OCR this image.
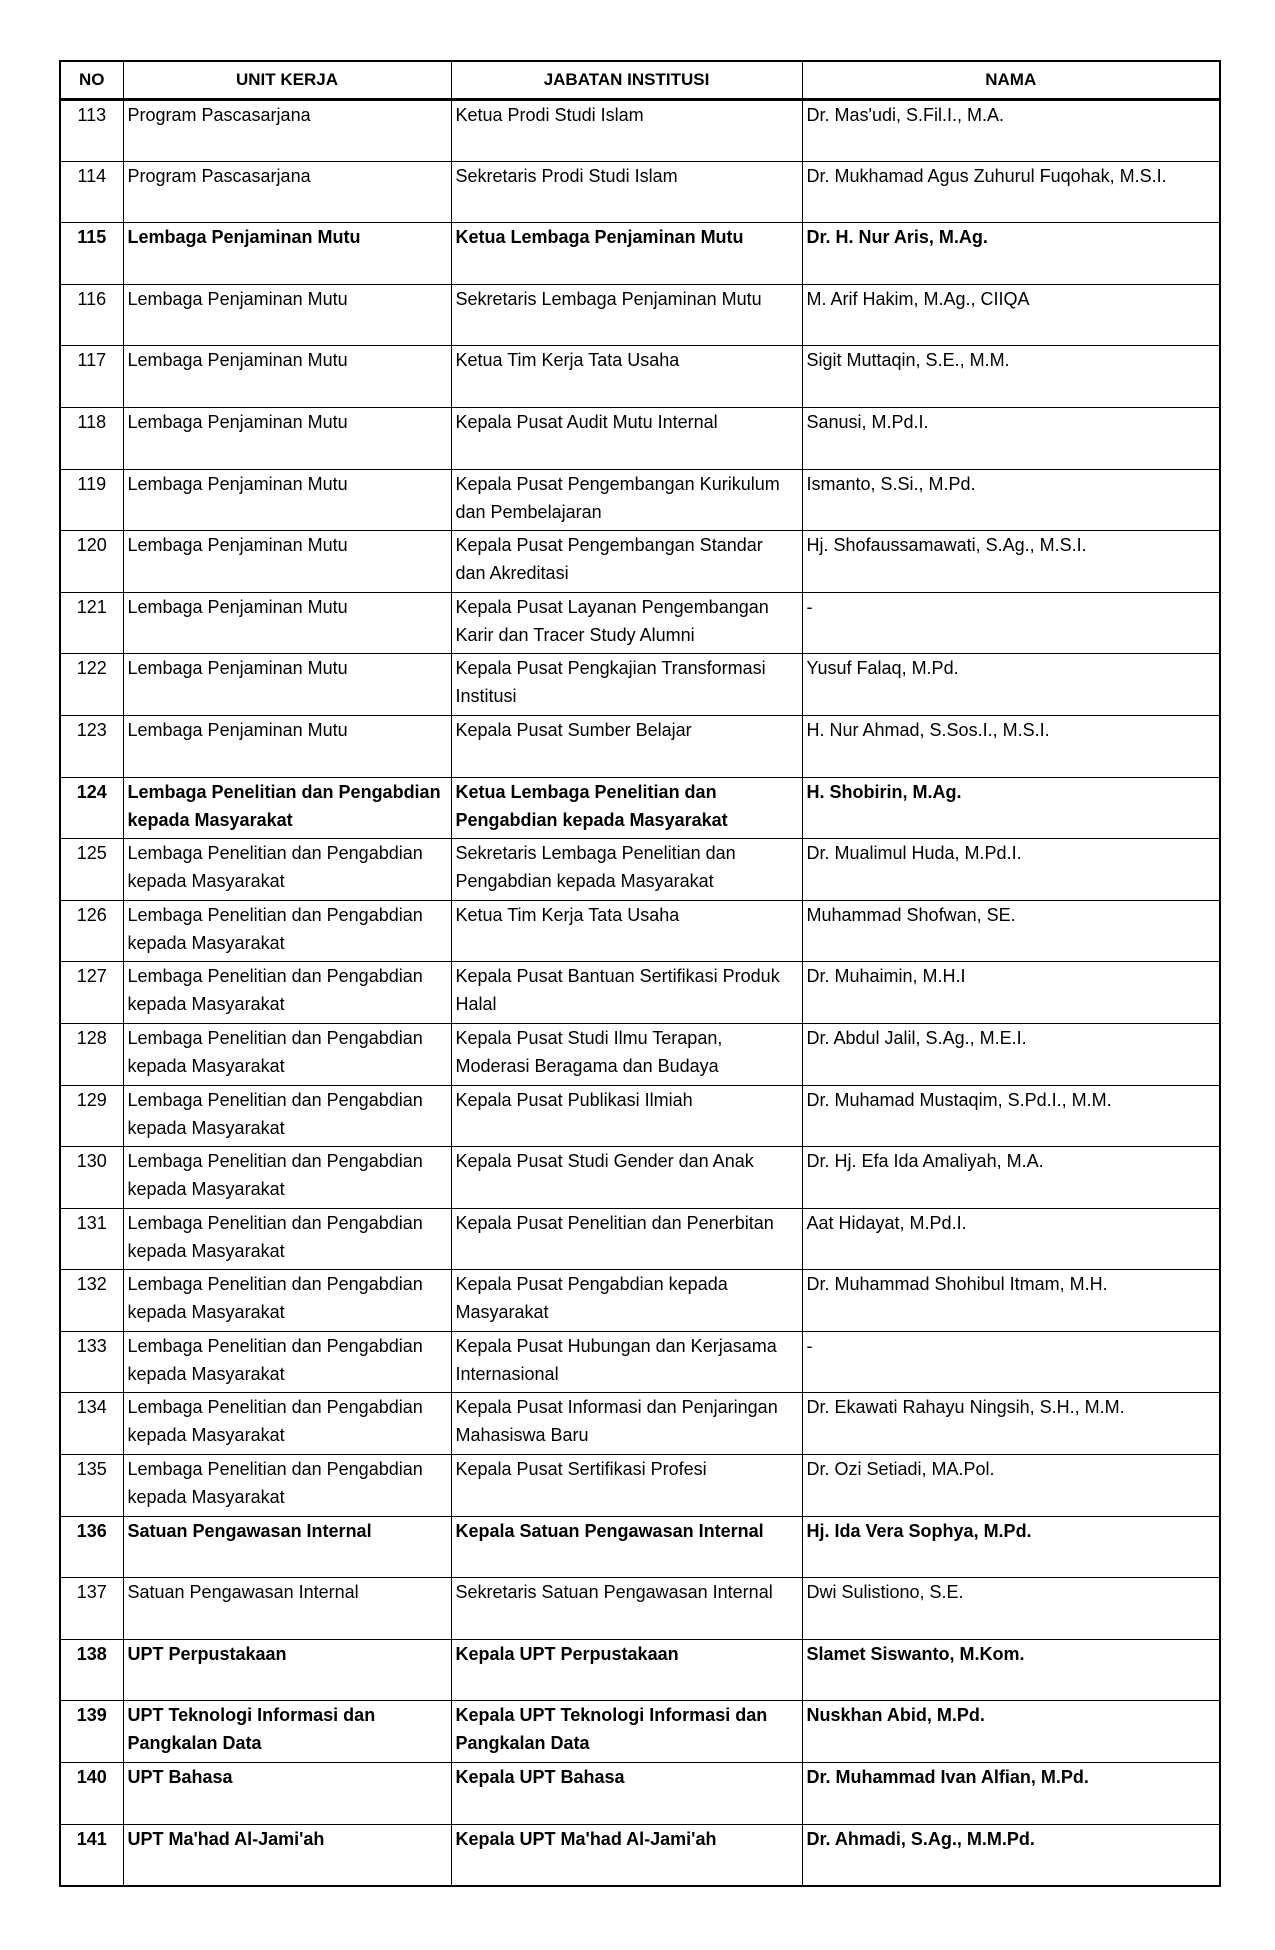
NO	UNIT KERJA	JABATAN INSTITUSI	NAMA
113	Program Pascasarjana	Ketua Prodi Studi Islam	Dr. Mas'udi, S.Fil.I., M.A.
114	Program Pascasarjana	Sekretaris Prodi Studi Islam	Dr. Mukhamad Agus Zuhurul Fuqohak, M.S.I.
115	Lembaga Penjaminan Mutu	Ketua Lembaga Penjaminan Mutu	Dr. H. Nur Aris, M.Ag.
116	Lembaga Penjaminan Mutu	Sekretaris Lembaga Penjaminan Mutu	M. Arif Hakim, M.Ag., CIIQA
117	Lembaga Penjaminan Mutu	Ketua Tim Kerja Tata Usaha	Sigit Muttaqin, S.E., M.M.
118	Lembaga Penjaminan Mutu	Kepala Pusat Audit Mutu Internal	Sanusi, M.Pd.I.
119	Lembaga Penjaminan Mutu	Kepala Pusat Pengembangan Kurikulum dan Pembelajaran	Ismanto, S.Si., M.Pd.
120	Lembaga Penjaminan Mutu	Kepala Pusat Pengembangan Standar dan Akreditasi	Hj. Shofaussamawati, S.Ag., M.S.I.
121	Lembaga Penjaminan Mutu	Kepala Pusat Layanan Pengembangan Karir dan Tracer Study Alumni	-
122	Lembaga Penjaminan Mutu	Kepala Pusat Pengkajian Transformasi Institusi	Yusuf Falaq, M.Pd.
123	Lembaga Penjaminan Mutu	Kepala Pusat Sumber Belajar	H. Nur Ahmad, S.Sos.I., M.S.I.
124	Lembaga Penelitian dan Pengabdian kepada Masyarakat	Ketua Lembaga Penelitian dan Pengabdian kepada Masyarakat	H. Shobirin, M.Ag.
125	Lembaga Penelitian dan Pengabdian kepada Masyarakat	Sekretaris Lembaga Penelitian dan Pengabdian kepada Masyarakat	Dr. Mualimul Huda, M.Pd.I.
126	Lembaga Penelitian dan Pengabdian kepada Masyarakat	Ketua Tim Kerja Tata Usaha	Muhammad Shofwan, SE.
127	Lembaga Penelitian dan Pengabdian kepada Masyarakat	Kepala Pusat Bantuan Sertifikasi Produk Halal	Dr. Muhaimin, M.H.I
128	Lembaga Penelitian dan Pengabdian kepada Masyarakat	Kepala Pusat Studi Ilmu Terapan, Moderasi Beragama dan Budaya	Dr. Abdul Jalil, S.Ag., M.E.I.
129	Lembaga Penelitian dan Pengabdian kepada Masyarakat	Kepala Pusat Publikasi Ilmiah	Dr. Muhamad Mustaqim, S.Pd.I., M.M.
130	Lembaga Penelitian dan Pengabdian kepada Masyarakat	Kepala Pusat Studi Gender dan Anak	Dr. Hj. Efa Ida Amaliyah, M.A.
131	Lembaga Penelitian dan Pengabdian kepada Masyarakat	Kepala Pusat Penelitian dan Penerbitan	Aat Hidayat, M.Pd.I.
132	Lembaga Penelitian dan Pengabdian kepada Masyarakat	Kepala Pusat Pengabdian kepada Masyarakat	Dr. Muhammad Shohibul Itmam, M.H.
133	Lembaga Penelitian dan Pengabdian kepada Masyarakat	Kepala Pusat Hubungan dan Kerjasama Internasional	-
134	Lembaga Penelitian dan Pengabdian kepada Masyarakat	Kepala Pusat Informasi dan Penjaringan Mahasiswa Baru	Dr. Ekawati Rahayu Ningsih, S.H., M.M.
135	Lembaga Penelitian dan Pengabdian kepada Masyarakat	Kepala Pusat Sertifikasi Profesi	Dr. Ozi Setiadi, MA.Pol.
136	Satuan Pengawasan Internal	Kepala Satuan Pengawasan Internal	Hj. Ida Vera Sophya, M.Pd.
137	Satuan Pengawasan Internal	Sekretaris Satuan Pengawasan Internal	Dwi Sulistiono, S.E.
138	UPT Perpustakaan	Kepala UPT Perpustakaan	Slamet Siswanto, M.Kom.
139	UPT Teknologi Informasi dan Pangkalan Data	Kepala UPT Teknologi Informasi dan Pangkalan Data	Nuskhan Abid, M.Pd.
140	UPT Bahasa	Kepala UPT Bahasa	Dr. Muhammad Ivan Alfian, M.Pd.
141	UPT Ma'had Al-Jami'ah	Kepala UPT Ma'had Al-Jami'ah	Dr. Ahmadi, S.Ag., M.M.Pd.
